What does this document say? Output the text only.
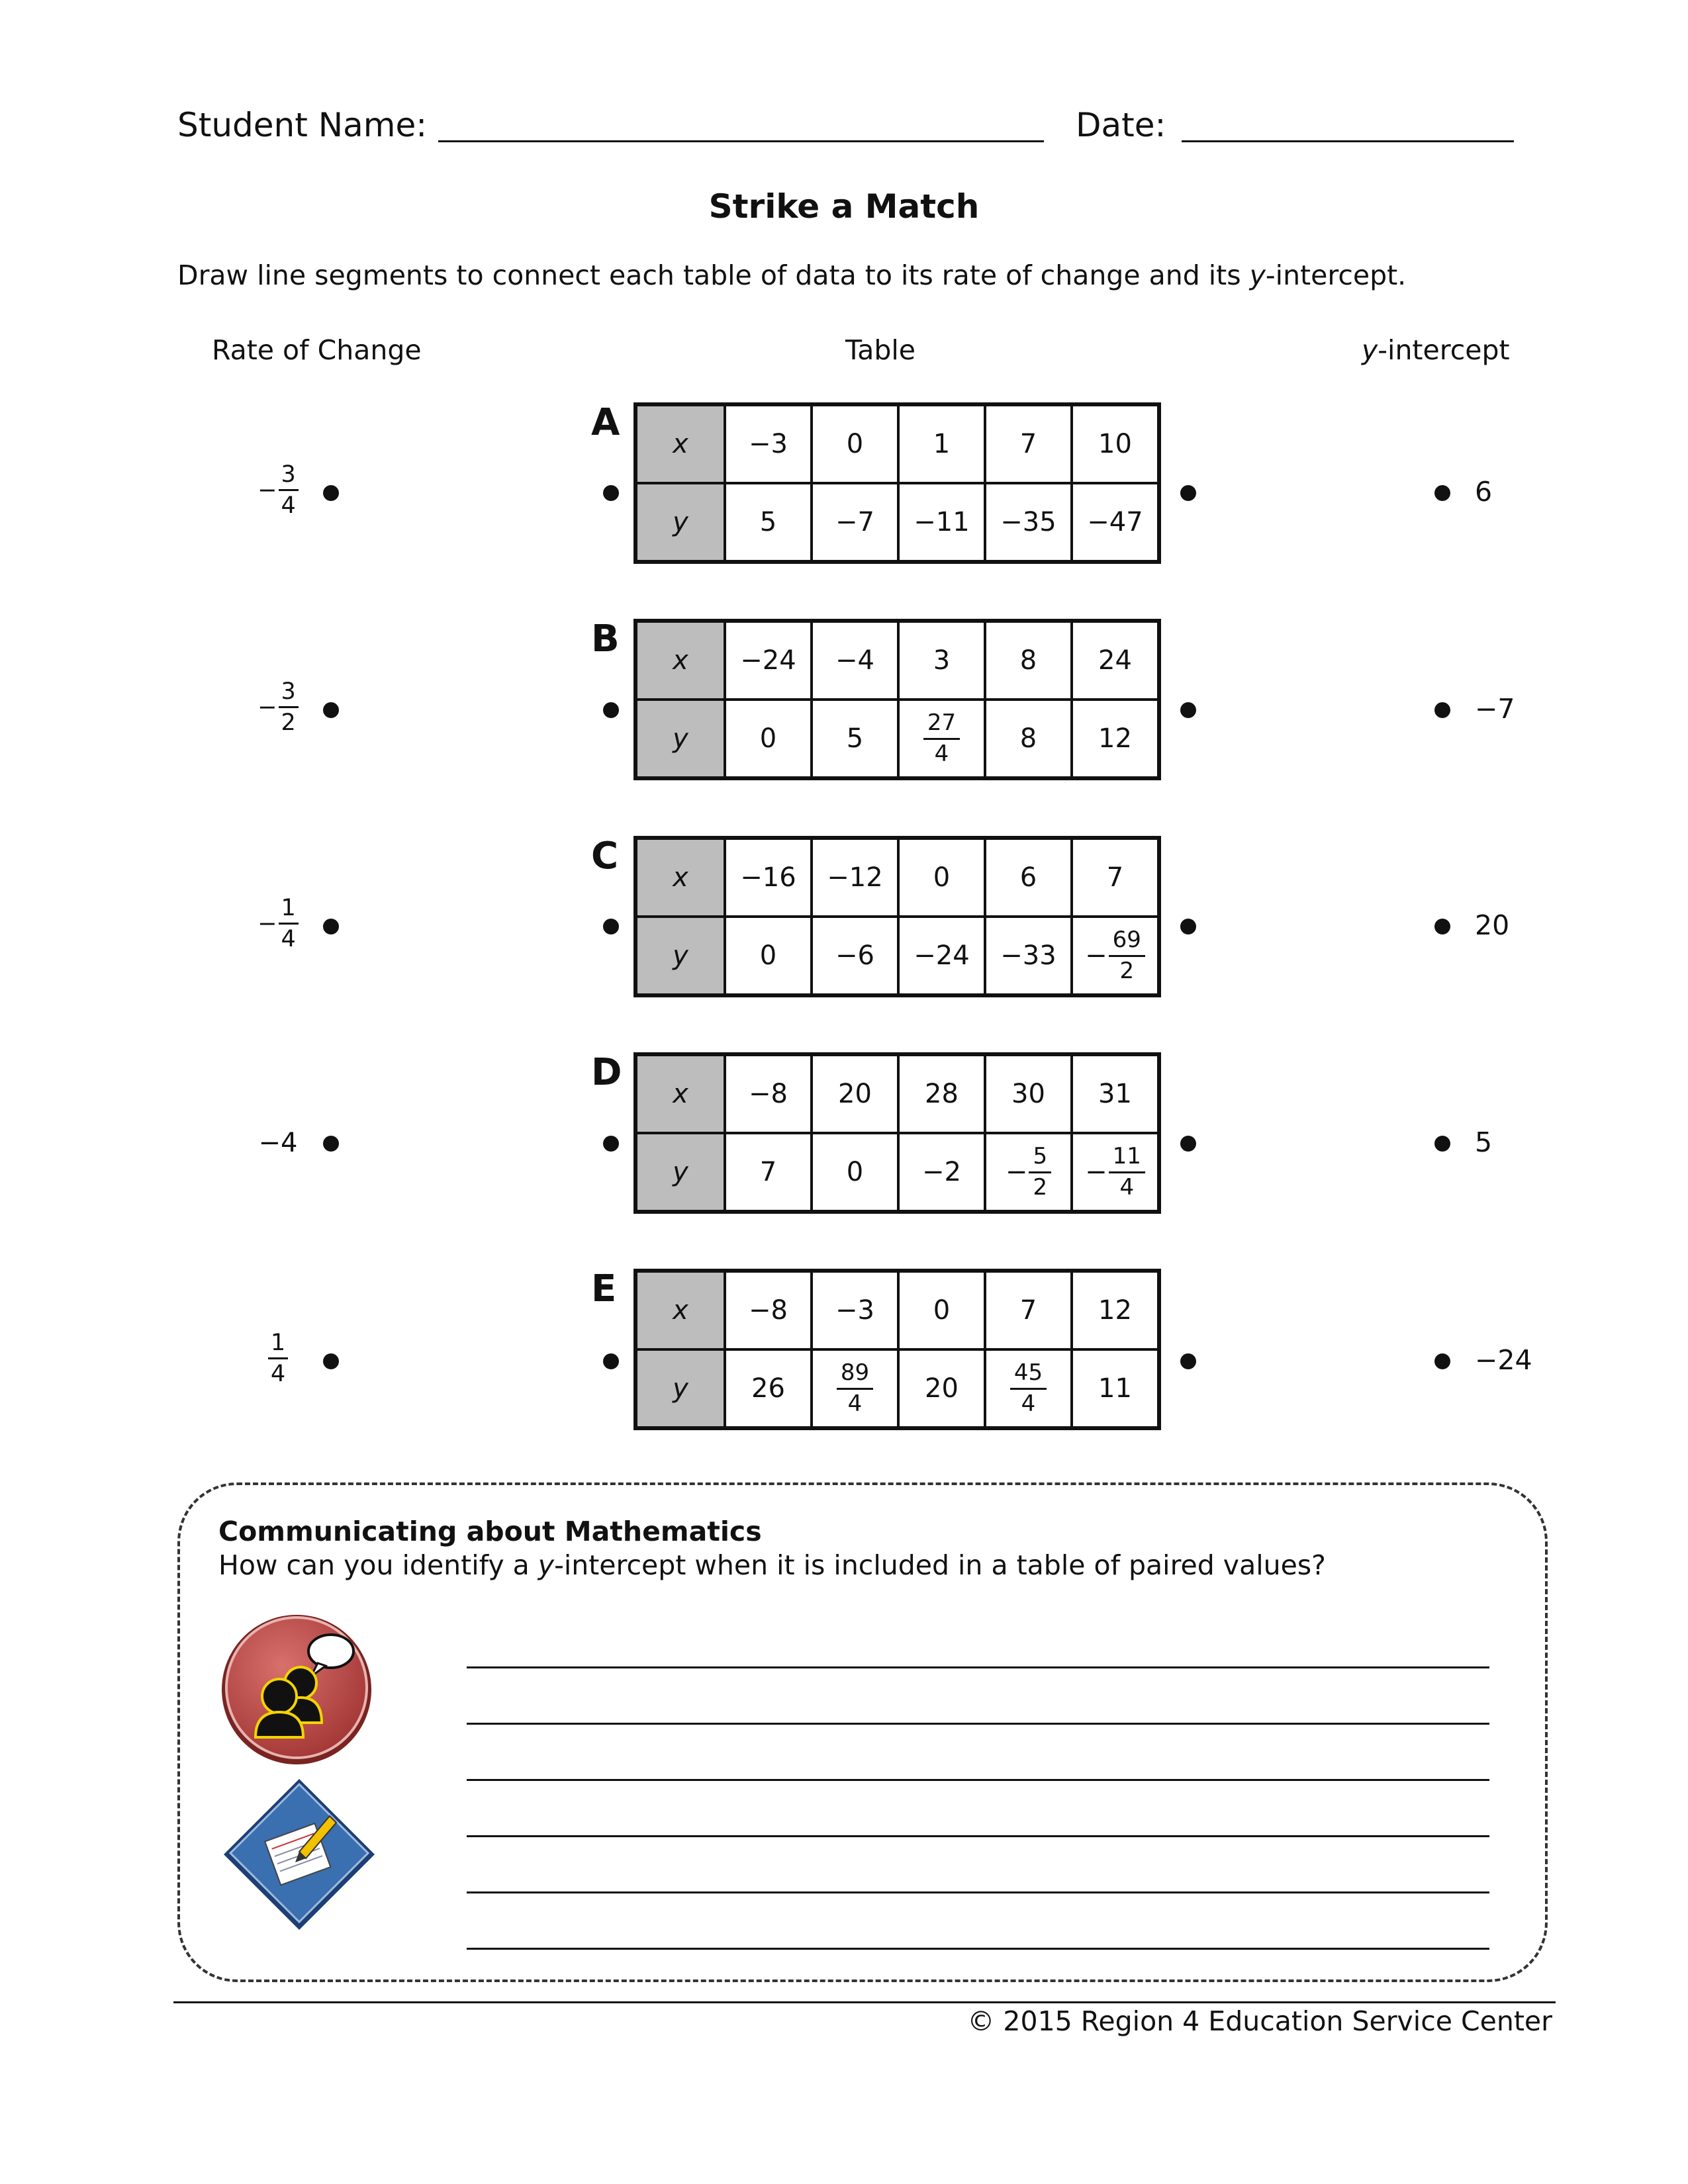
Student Name:	Date:
Strike a Match
Draw line segments to connect each table of data to its rate of change and its y-intercept.
Rate of Change	Table	y-intercept
− $\frac{3}{4}$
A x	−3	0	1	7	10
y	5	−7	−11	−35	−47
6
− $\frac{3}{2}$
B x	−24	−4	3	8	24
y	0	5	$\frac{27}{4}$	8	12
−7
− $\frac{1}{4}$
C x	−16	−12	0	6	7
y	0	−6	−24	−33	− $\frac{69}{2}$
20
−4
D x	−8	20	28	30	31
y	7	0	−2	− $\frac{5}{2}$	− $\frac{11}{4}$
5
$\frac{1}{4}$
E x	−8	−3	0	7	12
y	26	$\frac{89}{4}$	20	$\frac{45}{4}$	11
−24
Communicating about Mathematics
How can you identify a y-intercept when it is included in a table of paired values?
© 2015 Region 4 Education Service Center
